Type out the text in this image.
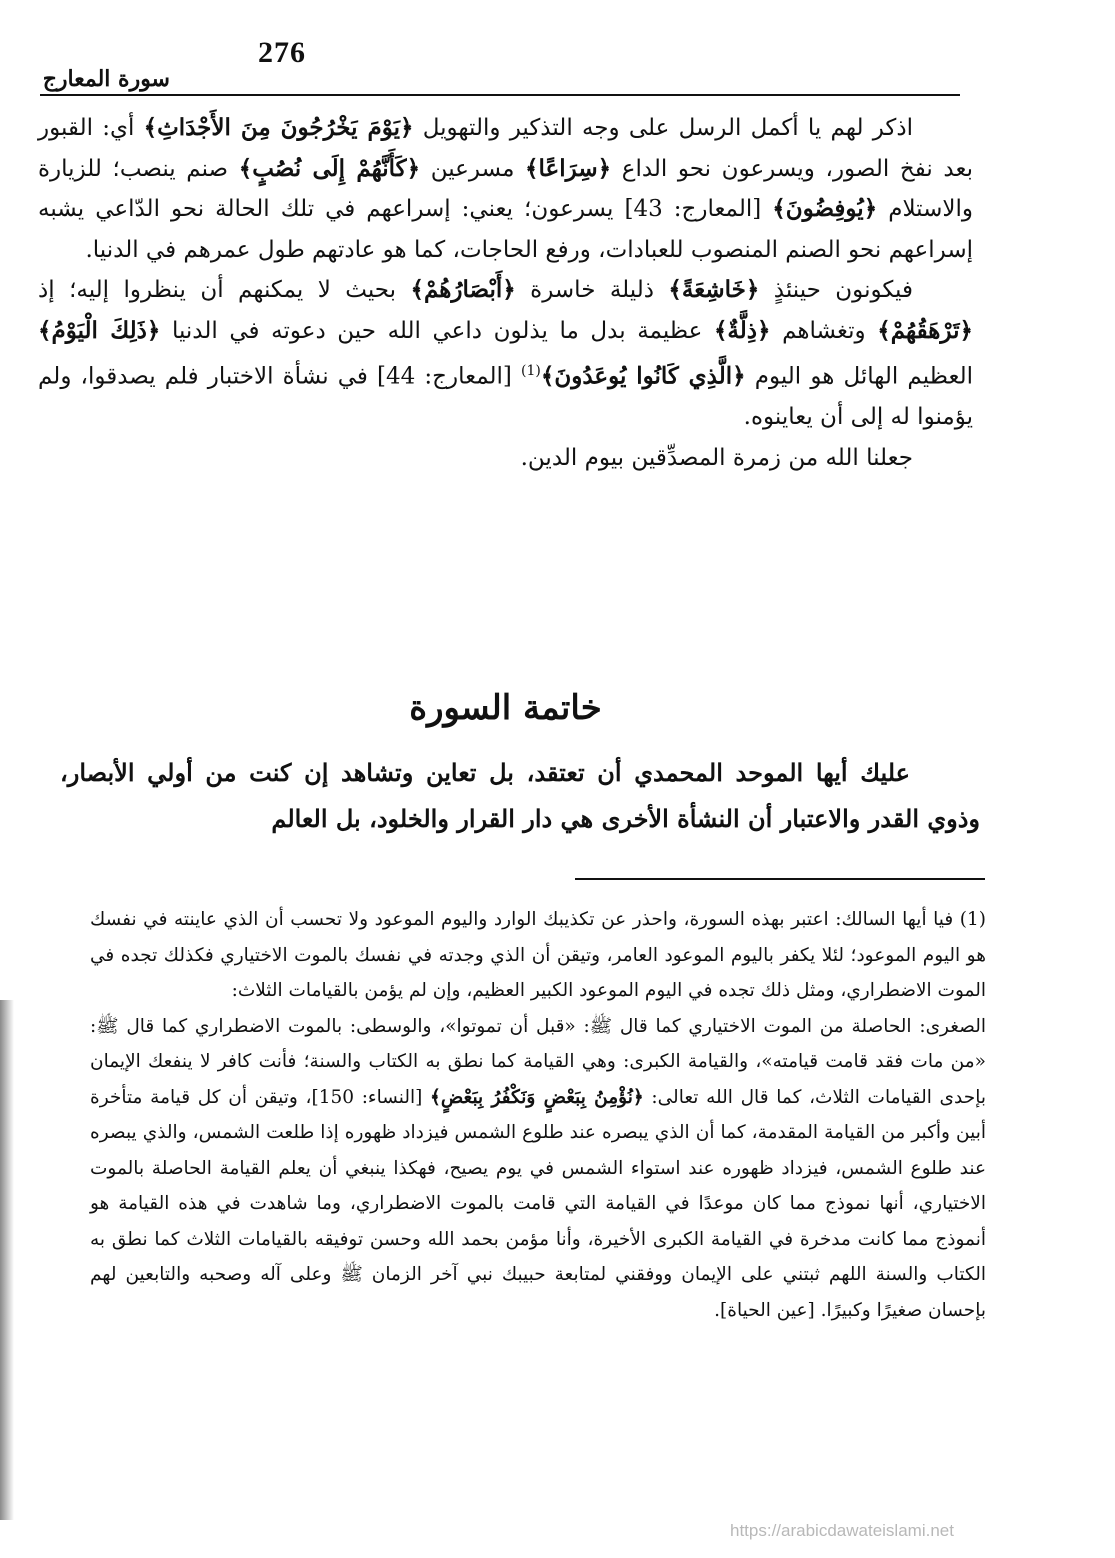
276
سورة المعارج

اذكر لهم يا أكمل الرسل على وجه التذكير والتهويل ﴿يَوْمَ يَخْرُجُونَ مِنَ الأَجْدَاثِ﴾ أي: القبور بعد نفخ الصور، ويسرعون نحو الداع ﴿سِرَاعًا﴾ مسرعين ﴿كَأَنَّهُمْ إِلَى نُصُبٍ﴾ صنم ينصب؛ للزيارة والاستلام ﴿يُوفِضُونَ﴾ [المعارج: 43] يسرعون؛ يعني: إسراعهم في تلك الحالة نحو الدّاعي يشبه إسراعهم نحو الصنم المنصوب للعبادات، ورفع الحاجات، كما هو عادتهم طول عمرهم في الدنيا.

فيكونون حينئذٍ ﴿خَاشِعَةً﴾ ذليلة خاسرة ﴿أَبْصَارُهُمْ﴾ بحيث لا يمكنهم أن ينظروا إليه؛ إذ ﴿تَرْهَقُهُمْ﴾ وتغشاهم ﴿ذِلَّةٌ﴾ عظيمة بدل ما يذلون داعي الله حين دعوته في الدنيا ﴿ذَلِكَ الْيَوْمُ﴾ العظيم الهائل هو اليوم ﴿الَّذِي كَانُوا يُوعَدُونَ﴾$^{(1)}$ [المعارج: 44] في نشأة الاختبار فلم يصدقوا، ولم يؤمنوا له إلى أن يعاينوه.

جعلنا الله من زمرة المصدِّقين بيوم الدين.

خاتمة السورة

عليك أيها الموحد المحمدي أن تعتقد، بل تعاين وتشاهد إن كنت من أولي الأبصار، وذوي القدر والاعتبار أن النشأة الأخرى هي دار القرار والخلود، بل العالم

(1) فيا أيها السالك: اعتبر بهذه السورة، واحذر عن تكذيبك الوارد واليوم الموعود ولا تحسب أن الذي عاينته في نفسك هو اليوم الموعود؛ لئلا يكفر باليوم الموعود العامر، وتيقن أن الذي وجدته في نفسك بالموت الاختياري فكذلك تجده في الموت الاضطراري، ومثل ذلك تجده في اليوم الموعود الكبير العظيم، وإن لم يؤمن بالقيامات الثلاث:

الصغرى: الحاصلة من الموت الاختياري كما قال ﷺ: «قبل أن تموتوا»، والوسطى: بالموت الاضطراري كما قال ﷺ: «من مات فقد قامت قيامته»، والقيامة الكبرى: وهي القيامة كما نطق به الكتاب والسنة؛ فأنت كافر لا ينفعك الإيمان بإحدى القيامات الثلاث، كما قال الله تعالى: ﴿نُؤْمِنُ بِبَعْضٍ وَنَكْفُرُ بِبَعْضٍ﴾ [النساء: 150]، وتيقن أن كل قيامة متأخرة أبين وأكبر من القيامة المقدمة، كما أن الذي يبصره عند طلوع الشمس فيزداد ظهوره إذا طلعت الشمس، والذي يبصره عند طلوع الشمس، فيزداد ظهوره عند استواء الشمس في يوم يصيح، فهكذا ينبغي أن يعلم القيامة الحاصلة بالموت الاختياري، أنها نموذج مما كان موعدًا في القيامة التي قامت بالموت الاضطراري، وما شاهدت في هذه القيامة هو أنموذج مما كانت مدخرة في القيامة الكبرى الأخيرة، وأنا مؤمن بحمد الله وحسن توفيقه بالقيامات الثلاث كما نطق به الكتاب والسنة اللهم ثبتني على الإيمان ووفقني لمتابعة حبيبك نبي آخر الزمان ﷺ وعلى آله وصحبه والتابعين لهم بإحسان صغيرًا وكبيرًا. [عين الحياة].

https://arabicdawateislami.net
